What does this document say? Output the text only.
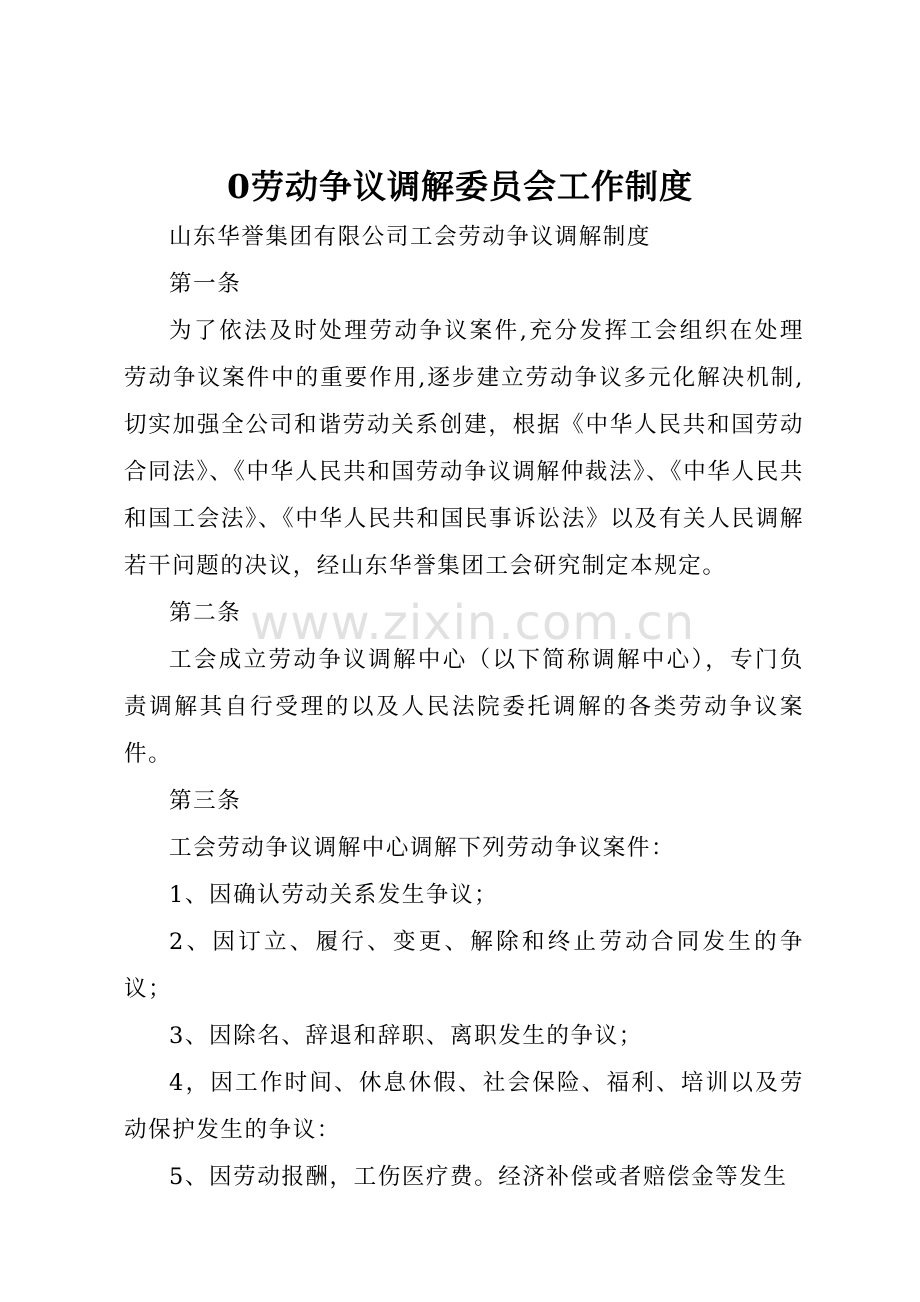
0劳动争议调解委员会工作制度

山东华誉集团有限公司工会劳动争议调解制度

第一条

为了依法及时处理劳动争议案件,充分发挥工会组织在处理劳动争议案件中的重要作用,逐步建立劳动争议多元化解决机制,切实加强全公司和谐劳动关系创建，根据《中华人民共和国劳动合同法》、《中华人民共和国劳动争议调解仲裁法》、《中华人民共和国工会法》、《中华人民共和国民事诉讼法》以及有关人民调解若干问题的决议，经山东华誉集团工会研究制定本规定。

第二条

工会成立劳动争议调解中心（以下简称调解中心），专门负责调解其自行受理的以及人民法院委托调解的各类劳动争议案件。

第三条

工会劳动争议调解中心调解下列劳动争议案件：

1、因确认劳动关系发生争议；

2、因订立、履行、变更、解除和终止劳动合同发生的争议；

3、因除名、辞退和辞职、离职发生的争议；

4，因工作时间、休息休假、社会保险、福利、培训以及劳动保护发生的争议：

5、因劳动报酬，工伤医疗费。经济补偿或者赔偿金等发生

www.zixin.com.cn
